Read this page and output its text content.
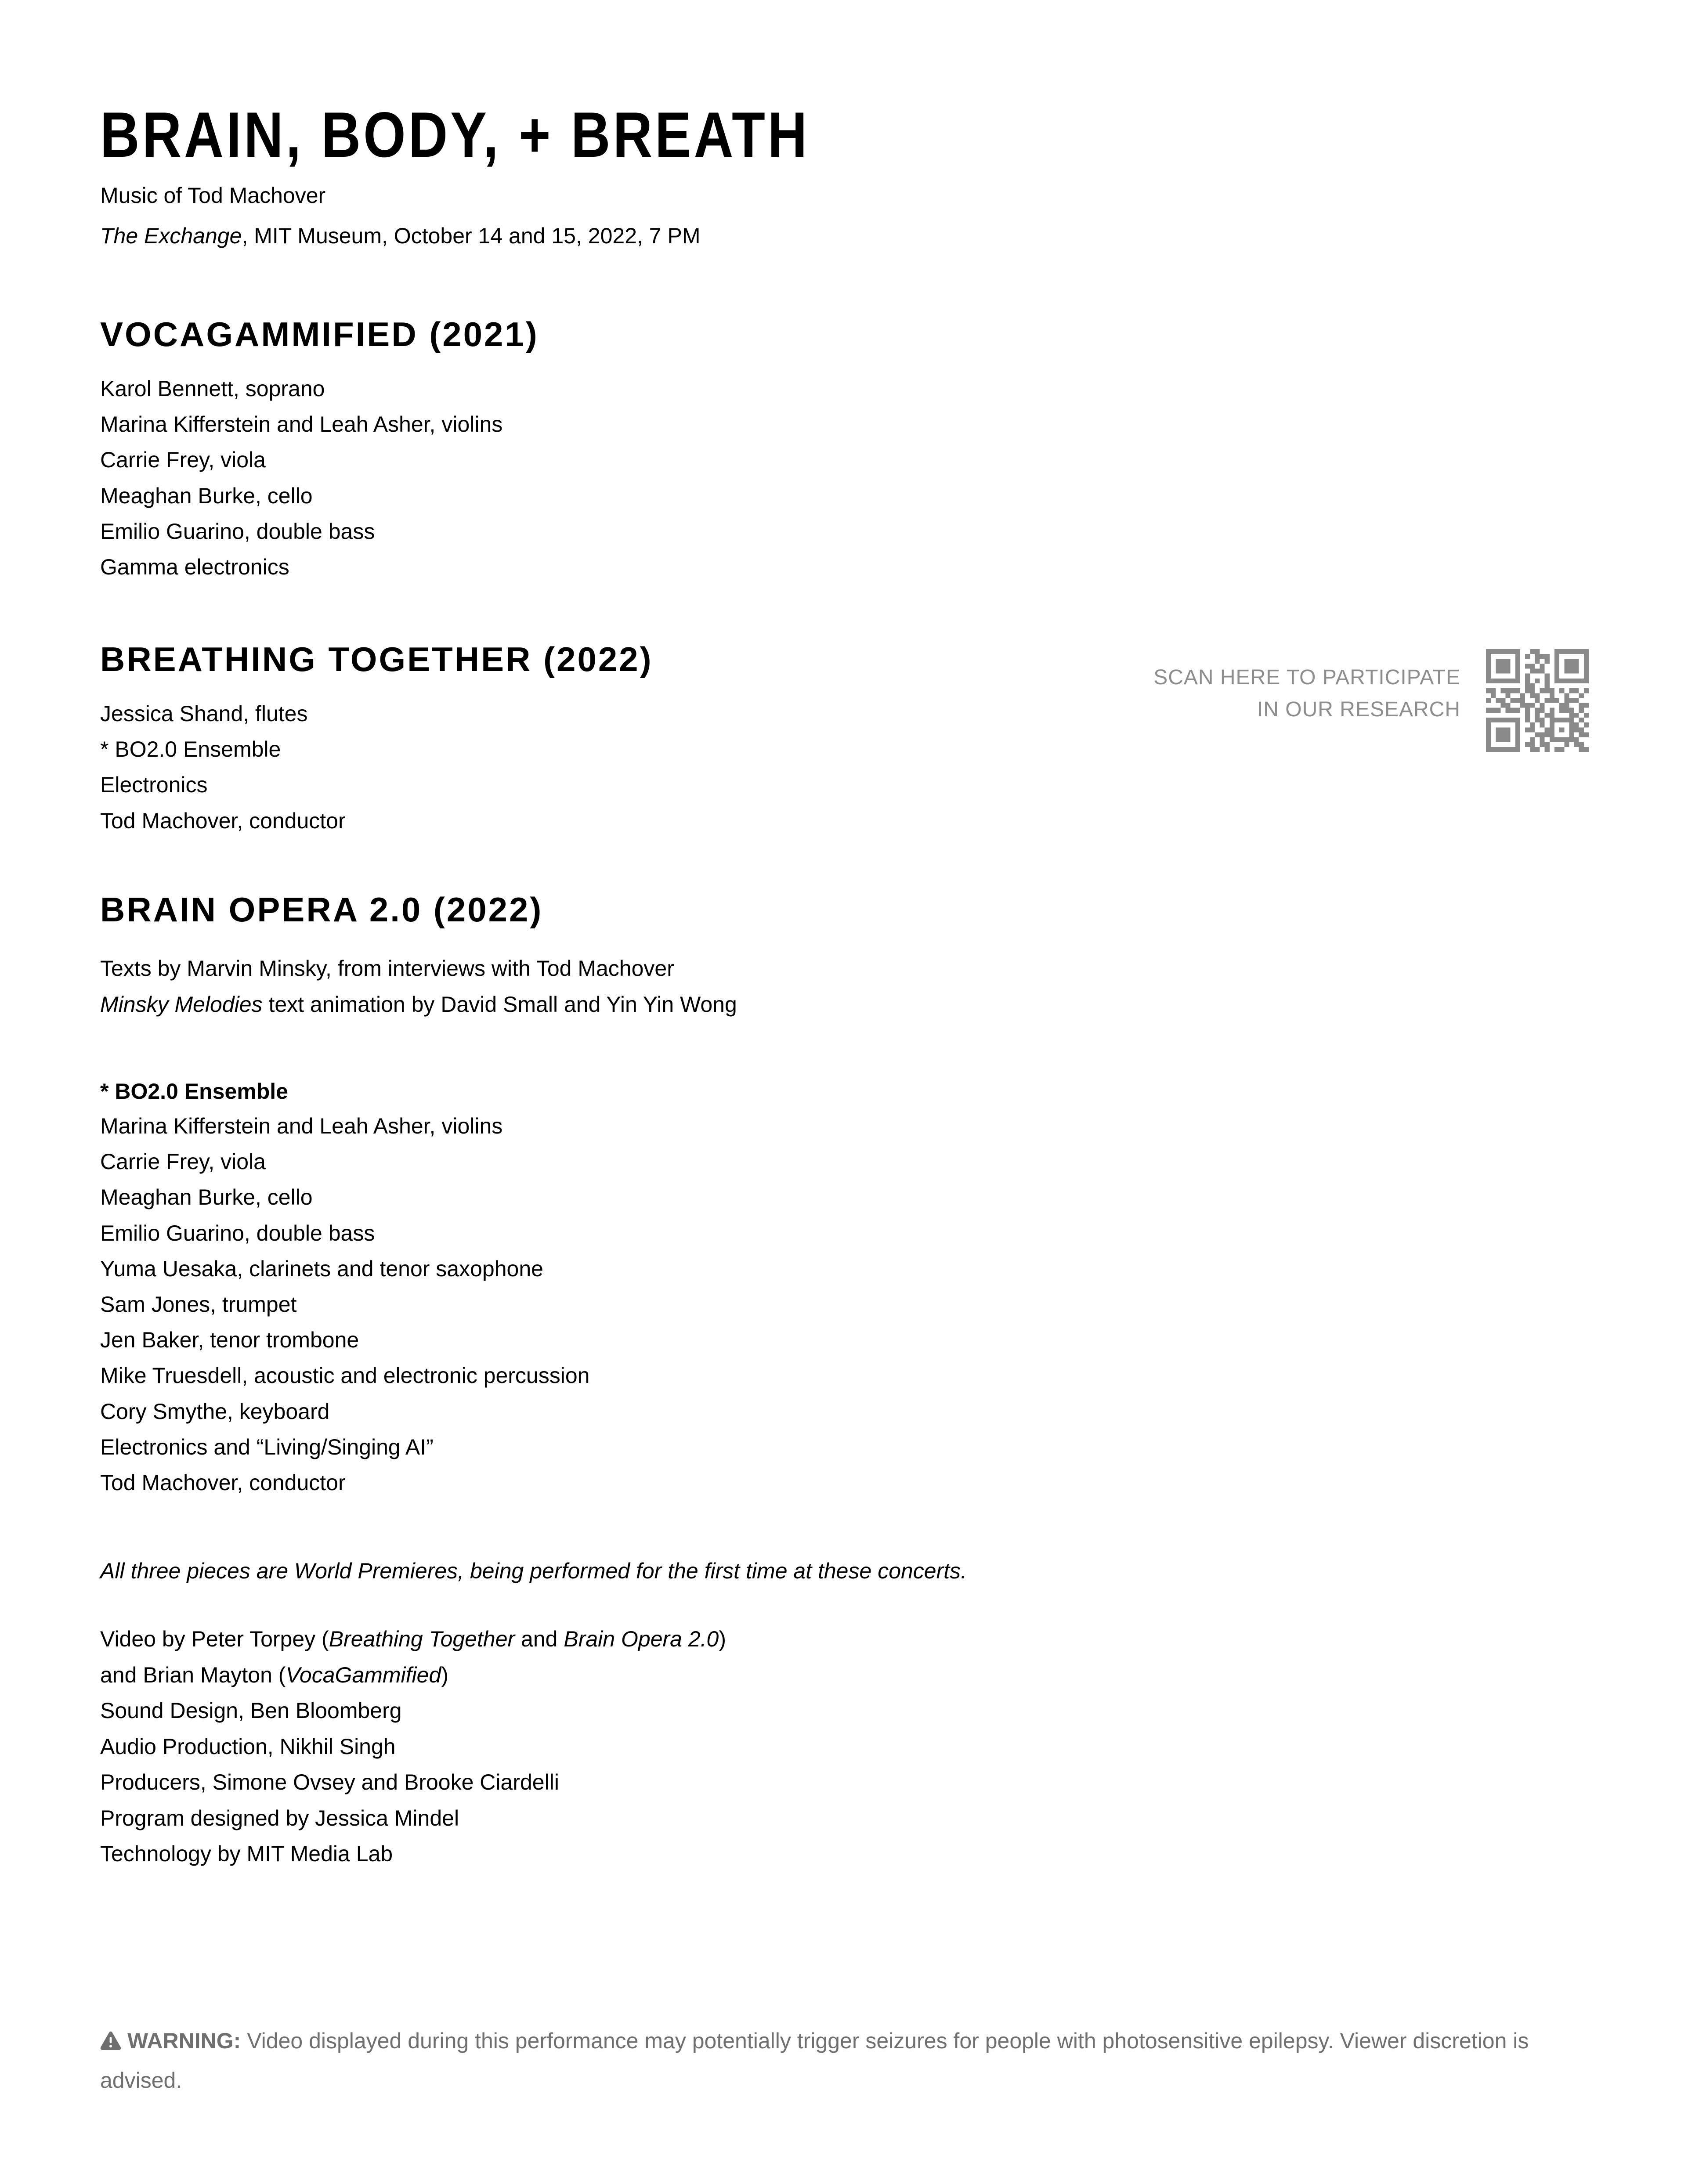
BRAIN, BODY, + BREATH

Music of Tod Machover

The Exchange, MIT Museum, October 14 and 15, 2022, 7 PM

VOCAGAMMIFIED (2021)

Karol Bennett, soprano

Marina Kifferstein and Leah Asher, violins

Carrie Frey, viola

Meaghan Burke, cello

Emilio Guarino, double bass

Gamma electronics

BREATHING TOGETHER (2022)

Jessica Shand, flutes

* BO2.0 Ensemble

Electronics

Tod Machover, conductor

SCAN HERE TO PARTICIPATE

IN OUR RESEARCH

BRAIN OPERA 2.0 (2022)

Texts by Marvin Minsky, from interviews with Tod Machover

Minsky Melodies text animation by David Small and Yin Yin Wong

* BO2.0 Ensemble

Marina Kifferstein and Leah Asher, violins

Carrie Frey, viola

Meaghan Burke, cello

Emilio Guarino, double bass

Yuma Uesaka, clarinets and tenor saxophone

Sam Jones, trumpet

Jen Baker, tenor trombone

Mike Truesdell, acoustic and electronic percussion

Cory Smythe, keyboard

Electronics and “Living/Singing AI”

Tod Machover, conductor

All three pieces are World Premieres, being performed for the first time at these concerts.

Video by Peter Torpey (Breathing Together and Brain Opera 2.0)

and Brian Mayton (VocaGammified)

Sound Design, Ben Bloomberg

Audio Production, Nikhil Singh

Producers, Simone Ovsey and Brooke Ciardelli

Program designed by Jessica Mindel

Technology by MIT Media Lab

WARNING: Video displayed during this performance may potentially trigger seizures for people with photosensitive epilepsy. Viewer discretion is advised.
